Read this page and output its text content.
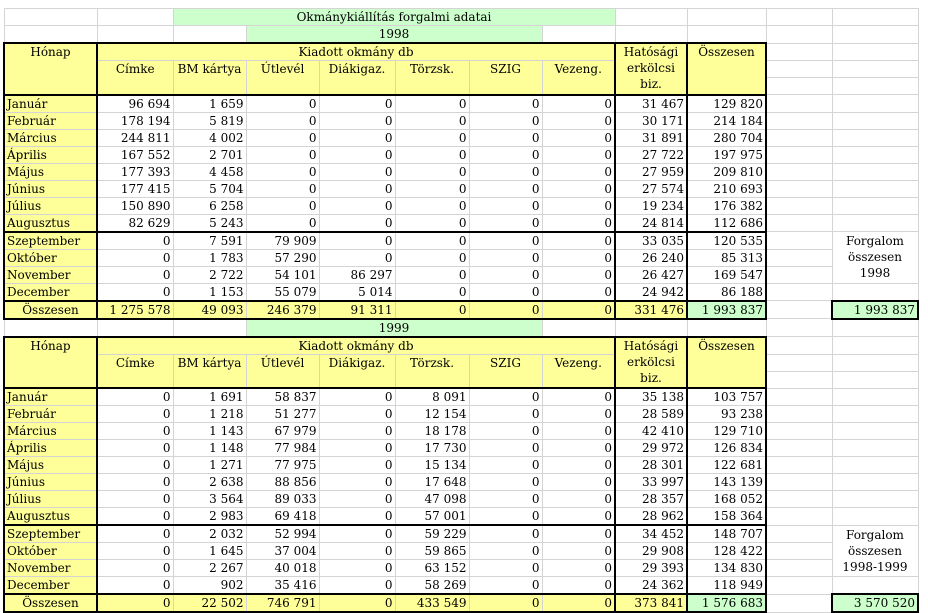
		Okmánykiállítás forgalmi adatai									
			1998								
Hónap	Kiadott okmány db							Hatósági
erkölcsi
biz.	Összesen		
	Címke	BM kártya	Útlevél	Diákigaz.	Törzsk.	SZIG	Vezeng.				

Január	96 694	1 659	0	0	0	0	0	31 467	129 820		
Február	178 194	5 819	0	0	0	0	0	30 171	214 184		
Március	244 811	4 002	0	0	0	0	0	31 891	280 704		
Április	167 552	2 701	0	0	0	0	0	27 722	197 975		
Május	177 393	4 458	0	0	0	0	0	27 959	209 810		
Június	177 415	5 704	0	0	0	0	0	27 574	210 693		
Július	150 890	6 258	0	0	0	0	0	19 234	176 382		
Augusztus	82 629	5 243	0	0	0	0	0	24 814	112 686		
Szeptember	0	7 591	79 909	0	0	0	0	33 035	120 535		Forgalom
összesen
1998

Október	0	1 783	57 290	0	0	0	0	26 240	85 313		
November	0	2 722	54 101	86 297	0	0	0	26 427	169 547		
December	0	1 153	55 079	5 014	0	0	0	24 942	86 188		
Összesen	1 275 578	49 093	246 379	91 311	0	0	0	331 476	1 993 837		1 993 837
			1999								
Hónap	Kiadott okmány db							Hatósági
erkölcsi
biz.	Összesen		
	Címke	BM kártya	Útlevél	Diákigaz.	Törzsk.	SZIG	Vezeng.				

Január	0	1 691	58 837	0	8 091	0	0	35 138	103 757		
Február	0	1 218	51 277	0	12 154	0	0	28 589	93 238		
Március	0	1 143	67 979	0	18 178	0	0	42 410	129 710		
Április	0	1 148	77 984	0	17 730	0	0	29 972	126 834		
Május	0	1 271	77 975	0	15 134	0	0	28 301	122 681		
Június	0	2 638	88 856	0	17 648	0	0	33 997	143 139		
Július	0	3 564	89 033	0	47 098	0	0	28 357	168 052		
Augusztus	0	2 983	69 418	0	57 001	0	0	28 962	158 364		
Szeptember	0	2 032	52 994	0	59 229	0	0	34 452	148 707		Forgalom
összesen
1998-1999

Október	0	1 645	37 004	0	59 865	0	0	29 908	128 422		
November	0	2 267	40 018	0	63 152	0	0	29 393	134 830		
December	0	902	35 416	0	58 269	0	0	24 362	118 949		
Összesen	0	22 502	746 791	0	433 549	0	0	373 841	1 576 683		3 570 520
